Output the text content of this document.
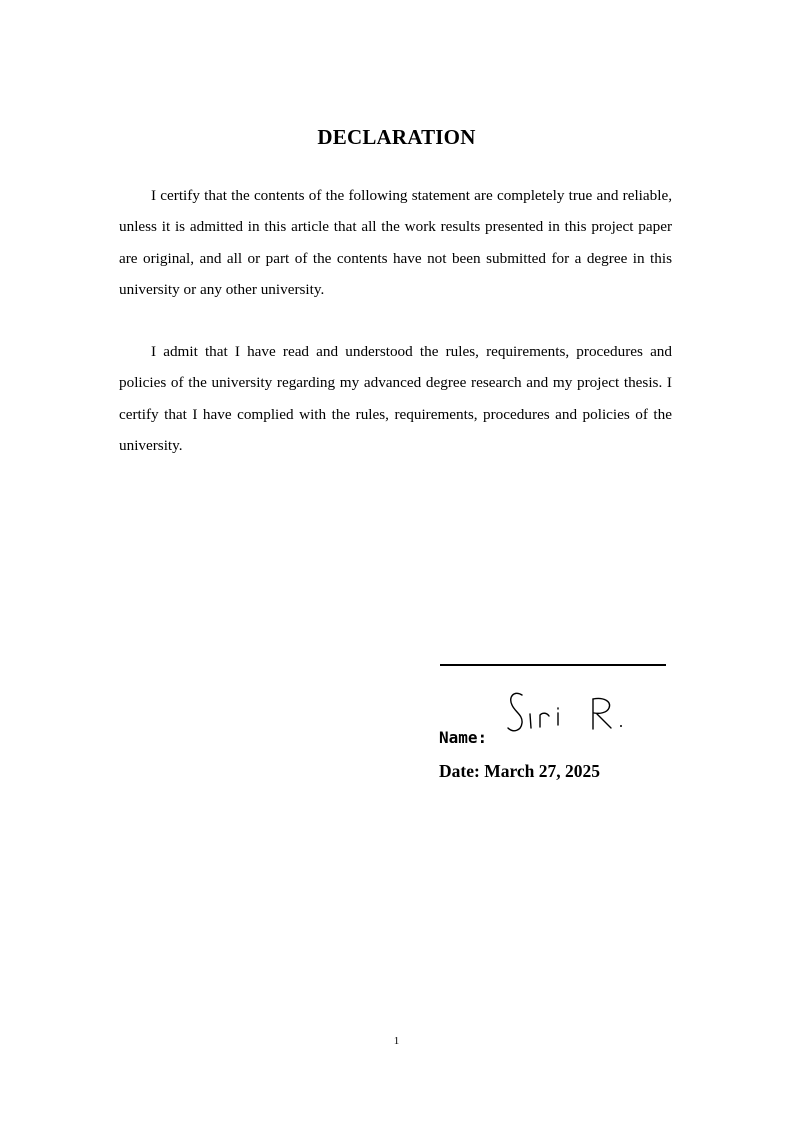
DECLARATION

I certify that the contents of the following statement are completely true and reliable, unless it is admitted in this article that all the work results presented in this project paper are original, and all or part of the contents have not been submitted for a degree in this university or any other university.

I admit that I have read and understood the rules, requirements, procedures and policies of the university regarding my advanced degree research and my project thesis. I certify that I have complied with the rules, requirements, procedures and policies of the university.

Name:

Date: March 27, 2025

1
